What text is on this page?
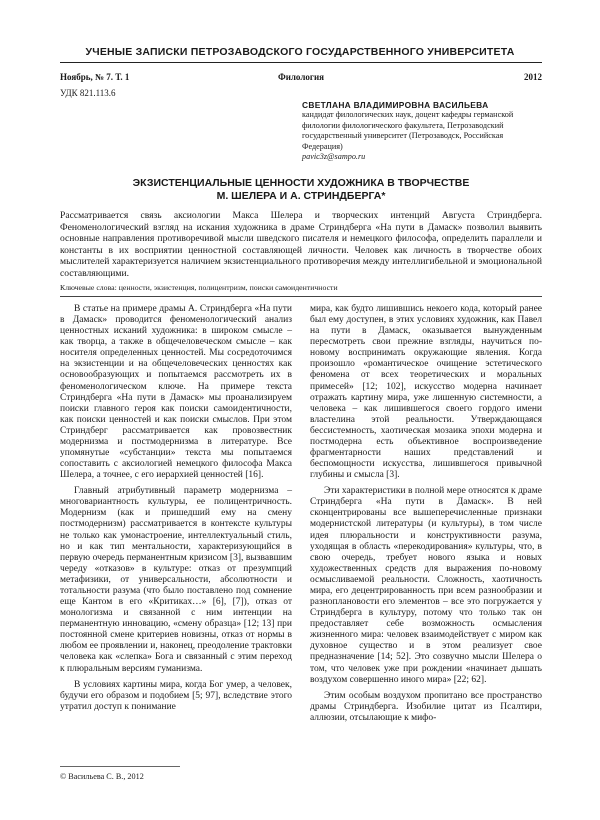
УЧЕНЫЕ ЗАПИСКИ ПЕТРОЗАВОДСКОГО ГОСУДАРСТВЕННОГО УНИВЕРСИТЕТА
Ноябрь, № 7. Т. 1	Филология	2012
УДК 821.113.6
СВЕТЛАНА ВЛАДИМИРОВНА ВАСИЛЬЕВА
кандидат филологических наук, доцент кафедры германской филологии филологического факультета, Петрозаводский государственный университет (Петрозаводск, Российская Федерация)
pavic3z@sampo.ru
ЭКЗИСТЕНЦИАЛЬНЫЕ ЦЕННОСТИ ХУДОЖНИКА В ТВОРЧЕСТВЕ
М. ШЕЛЕРА И А. СТРИНДБЕРГА*
Рассматривается связь аксиологии Макса Шелера и творческих интенций Августа Стриндберга. Феноменологический взгляд на искания художника в драме Стриндберга «На пути в Дамаск» позволил выявить основные направления противоречивой мысли шведского писателя и немецкого философа, определить параллели и константы в их восприятии ценностной составляющей личности. Человек как личность в творчестве обоих мыслителей характеризуется наличием экзистенциального противоречия между интеллигибельной и эмоциональной составляющими.
Ключевые слова: ценности, экзистенция, полицентризм, поиски самоидентичности

В статье на примере драмы А. Стриндберга «На пути в Дамаск» проводится феноменологический анализ ценностных исканий художника: в широком смысле – как творца, а также в общечеловеческом смысле – как носителя определенных ценностей. Мы сосредоточимся на экзистенции и на общечеловеческих ценностях как основообразующих и попытаемся рассмотреть их в феноменологическом ключе. На примере текста Стриндберга «На пути в Дамаск» мы проанализируем поиски главного героя как поиски самоидентичности, как поиски ценностей и как поиски смыслов. При этом Стриндберг рассматривается как провозвестник модернизма и постмодернизма в литературе. Все упомянутые «субстанции» текста мы попытаемся сопоставить с аксиологией немецкого философа Макса Шелера, а точнее, с его иерархией ценностей [16].

Главный атрибутивный параметр модернизма – многовариантность культуры, ее полицентричность. Модернизм (как и пришедший ему на смену постмодернизм) рассматривается в контексте культуры не только как умонастроение, интеллектуальный стиль, но и как тип ментальности, характеризующийся в первую очередь перманентным кризисом [3], вызвавшим череду «отказов» в культуре: отказ от презумпций метафизики, от универсальности, абсолютности и тотальности разума (что было поставлено под сомнение еще Кантом в его «Критиках…» [6], [7]), отказ от монологизма и связанной с ним интенции на перманентную инновацию, «смену образца» [12; 13] при постоянной смене критериев новизны, отказ от нормы в любом ее проявлении и, наконец, преодоление трактовки человека как «слепка» Бога и связанный с этим переход к плюральным версиям гуманизма.

В условиях картины мира, когда Бог умер, а человек, будучи его образом и подобием [5; 97], вследствие этого утратил доступ к понимание

мира, как будто лишившись некоего кода, который ранее был ему доступен, в этих условиях художник, как Павел на пути в Дамаск, оказывается вынужденным пересмотреть свои прежние взгляды, научиться по-новому воспринимать окружающие явления. Когда произошло «романтическое очищение эстетического феномена от всех теоретических и моральных примесей» [12; 102], искусство модерна начинает отражать картину мира, уже лишенную системности, а человека – как лишившегося своего гордого имени властелина этой реальности. Утверждающаяся бессистемность, хаотическая мозаика эпохи модерна и постмодерна есть объективное воспроизведение фрагментарности наших представлений и беспомощности искусства, лишившегося привычной глубины и смысла [3].

Эти характеристики в полной мере относятся к драме Стриндберга «На пути в Дамаск». В ней сконцентрированы все вышеперечисленные признаки модернистской литературы (и культуры), в том числе идея плюральности и конструктивности разума, уходящая в область «перекодирования» культуры, что, в свою очередь, требует нового языка и новых художественных средств для выражения по-новому осмысливаемой реальности. Сложность, хаотичность мира, его децентрированность при всем разнообразии и разноплановости его элементов – все это погружается у Стриндберга в культуру, потому что только так он предоставляет себе возможность осмысления жизненного мира: человек взаимодействует с миром как духовное существо и в этом реализует свое предназначение [14; 52]. Это созвучно мысли Шелера о том, что человек уже при рождении «начинает дышать воздухом совершенно иного мира» [22; 62].

Этим особым воздухом пропитано все пространство драмы Стриндберга. Изобилие цитат из Псалтири, аллюзии, отсылающие к мифо-

© Васильева С. В., 2012
